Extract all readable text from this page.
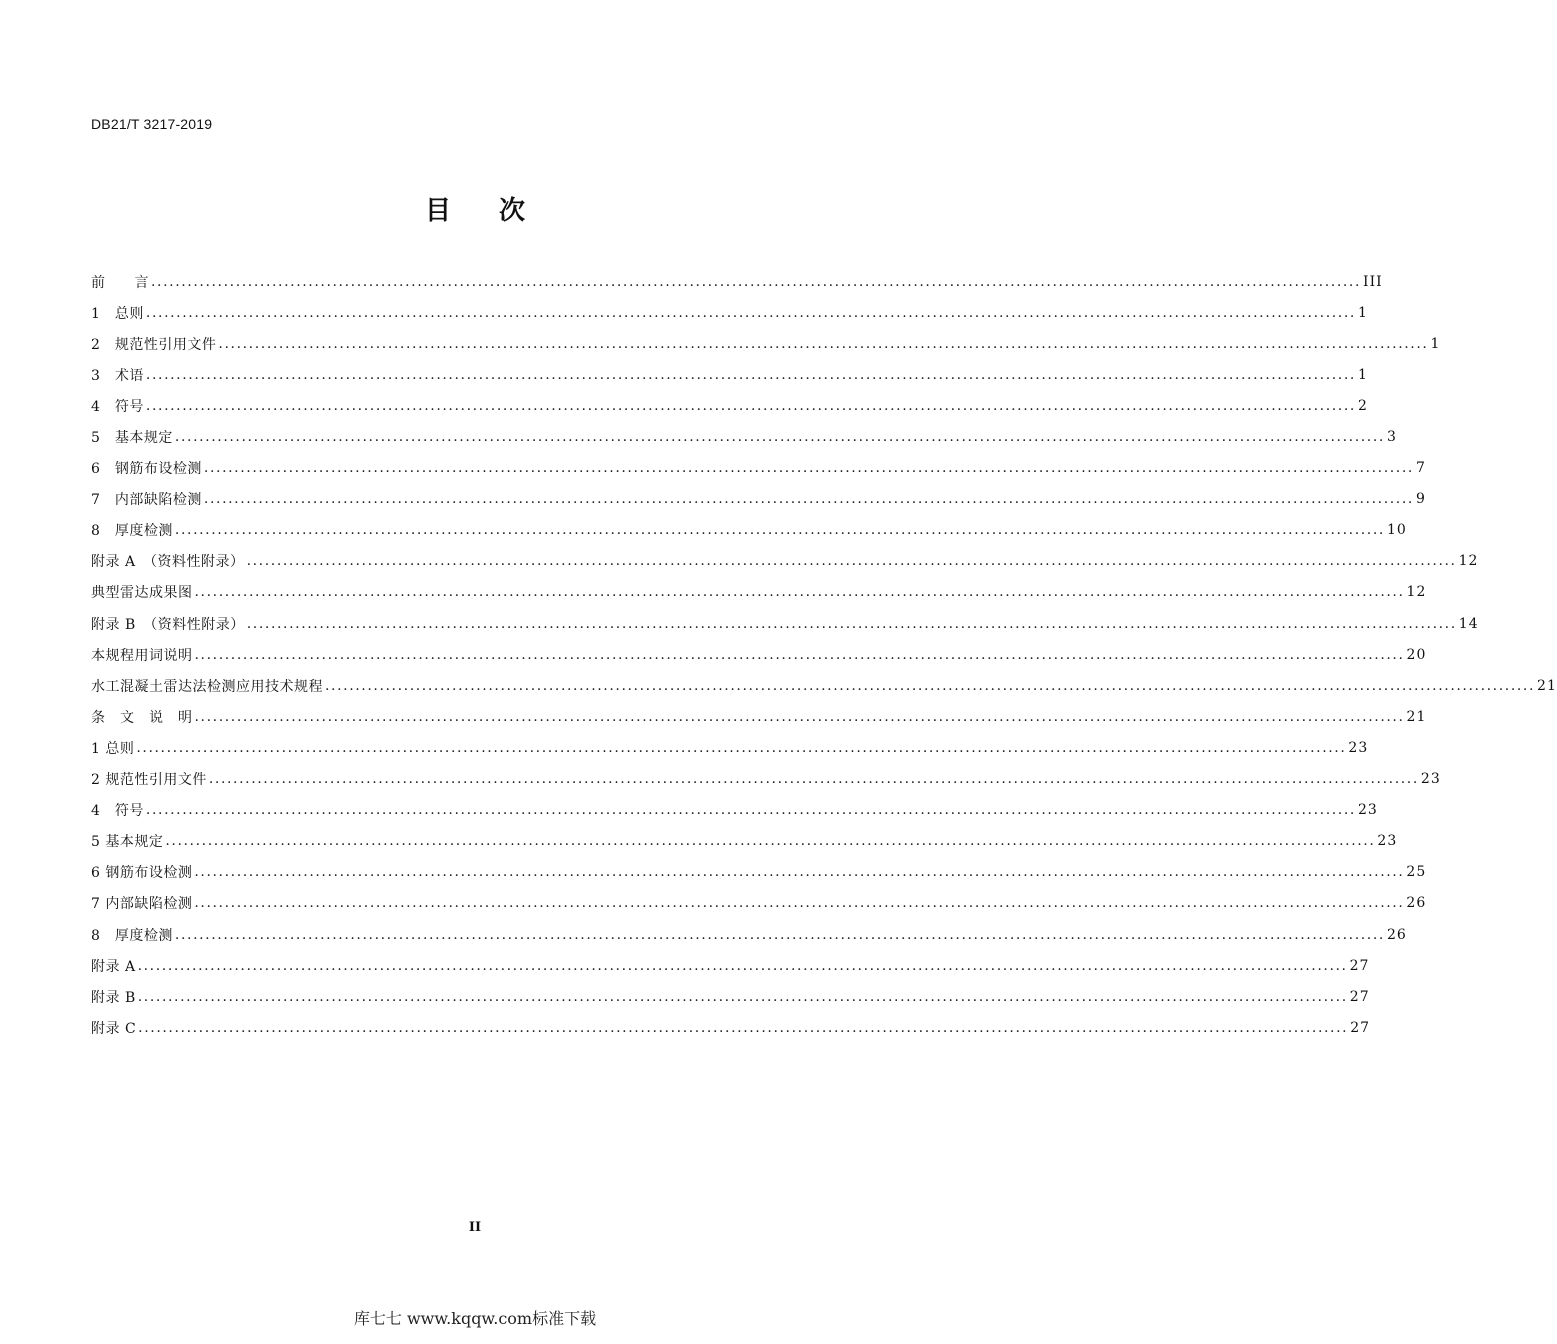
DB21/T 3217-2019
目次
前　　言 ........................................................................................................................................................................................................ III
1　总则 ........................................................................................................................................................................................................ 1
2　规范性引用文件 ........................................................................................................................................................................................................ 1
3　术语 ........................................................................................................................................................................................................ 1
4　符号 ........................................................................................................................................................................................................ 2
5　基本规定 ........................................................................................................................................................................................................ 3
6　钢筋布设检测 ........................................................................................................................................................................................................ 7
7　内部缺陷检测 ........................................................................................................................................................................................................ 9
8　厚度检测 ........................................................................................................................................................................................................ 10
附录 A　（资料性附录） ........................................................................................................................................................................................................ 12
典型雷达成果图 ........................................................................................................................................................................................................ 12
附录 B　（资料性附录） ........................................................................................................................................................................................................ 14
本规程用词说明 ........................................................................................................................................................................................................ 20
水工混凝土雷达法检测应用技术规程 ........................................................................................................................................................................................................ 21
条　文　说　明 ........................................................................................................................................................................................................ 21
1 总则 ........................................................................................................................................................................................................ 23
2 规范性引用文件 ........................................................................................................................................................................................................ 23
4　符号 ........................................................................................................................................................................................................ 23
5 基本规定 ........................................................................................................................................................................................................ 23
6 钢筋布设检测 ........................................................................................................................................................................................................ 25
7 内部缺陷检测 ........................................................................................................................................................................................................ 26
8　厚度检测 ........................................................................................................................................................................................................ 26
附录 A ........................................................................................................................................................................................................ 27
附录 B ........................................................................................................................................................................................................ 27
附录 C ........................................................................................................................................................................................................ 27
II
库七七 www.kqqw.com标准下载
